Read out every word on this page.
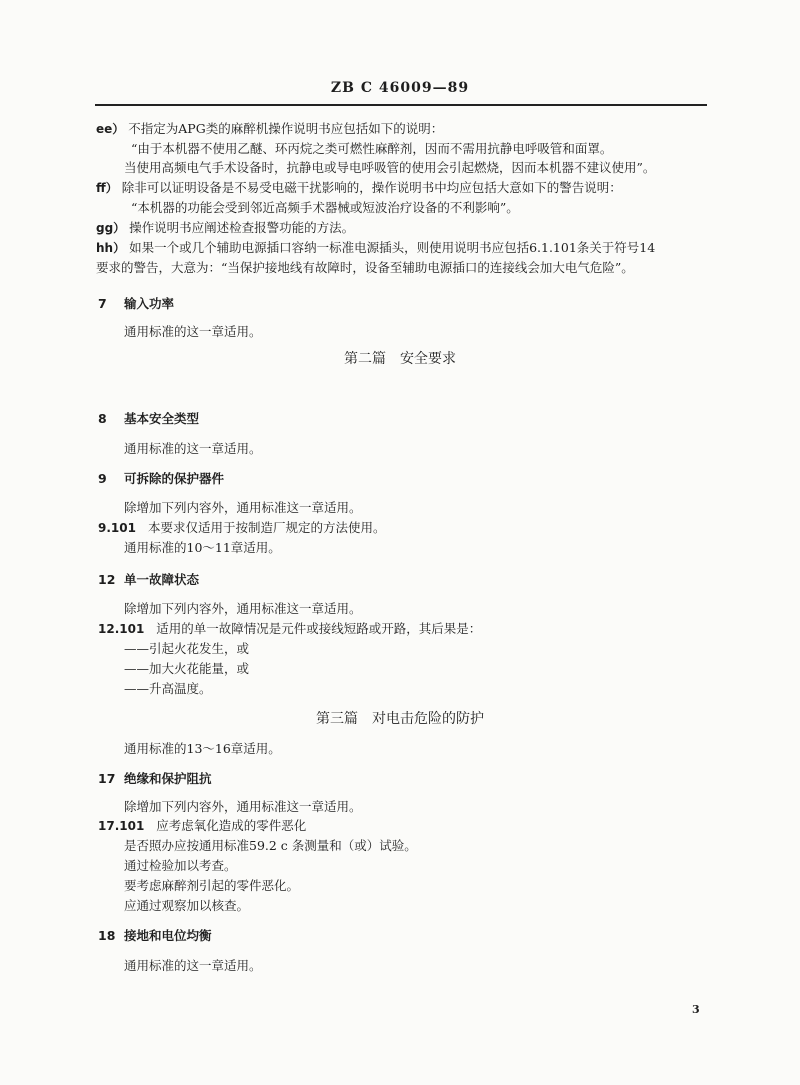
ZB C 46009—89
ee） 不指定为APG类的麻醉机操作说明书应包括如下的说明：
“由于本机器不使用乙醚、环丙烷之类可燃性麻醉剂，因而不需用抗静电呼吸管和面罩。
当使用高频电气手术设备时，抗静电或导电呼吸管的使用会引起燃烧，因而本机器不建议使用”。
ff） 除非可以证明设备是不易受电磁干扰影响的，操作说明书中均应包括大意如下的警告说明：
“本机器的功能会受到邻近高频手术器械或短波治疗设备的不利影响”。
gg） 操作说明书应阐述检查报警功能的方法。
hh） 如果一个或几个辅助电源插口容纳一标准电源插头，则使用说明书应包括6.1.101条关于符号14
要求的警告，大意为：“当保护接地线有故障时，设备至辅助电源插口的连接线会加大电气危险”。
7 输入功率
通用标准的这一章适用。
第二篇　安全要求
8 基本安全类型
通用标准的这一章适用。
9 可拆除的保护器件
除增加下列内容外，通用标准这一章适用。
9.101 本要求仅适用于按制造厂规定的方法使用。
通用标准的10～11章适用。
12 单一故障状态
除增加下列内容外，通用标准这一章适用。
12.101 适用的单一故障情况是元件或接线短路或开路，其后果是：
——引起火花发生，或
——加大火花能量，或
——升高温度。
第三篇　对电击危险的防护
通用标准的13～16章适用。
17 绝缘和保护阻抗
除增加下列内容外，通用标准这一章适用。
17.101 应考虑氧化造成的零件恶化
是否照办应按通用标准59.2 c 条测量和（或）试验。
通过检验加以考查。
要考虑麻醉剂引起的零件恶化。
应通过观察加以核查。
18 接地和电位均衡
通用标准的这一章适用。
3
